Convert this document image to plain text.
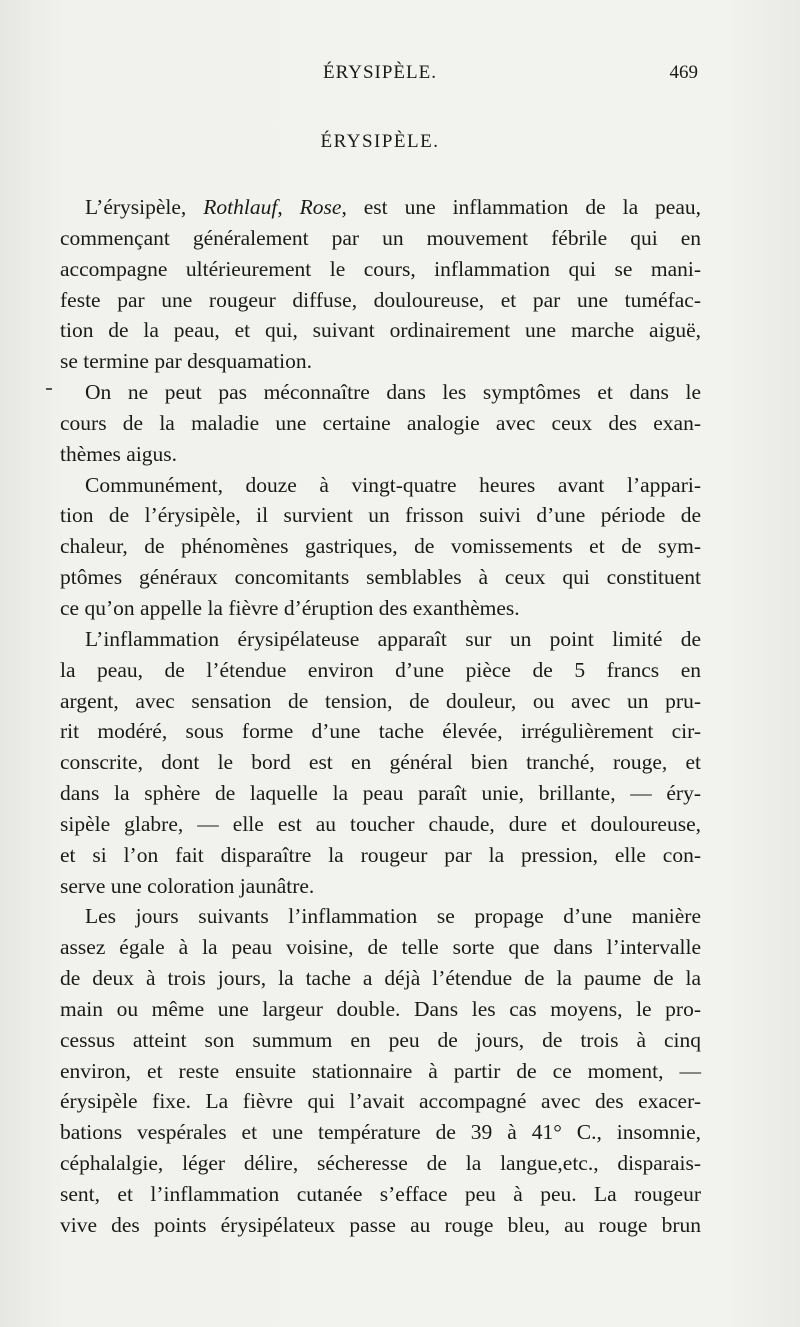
ÉRYSIPÈLE.	469
ÉRYSIPÈLE.
L’érysipèle, Rothlauf, Rose, est une inflammation de la peau,
commençant généralement par un mouvement fébrile qui en
accompagne ultérieurement le cours, inflammation qui se mani-
feste par une rougeur diffuse, douloureuse, et par une tuméfac-
tion de la peau, et qui, suivant ordinairement une marche aiguë,
se termine par desquamation.
On ne peut pas méconnaître dans les symptômes et dans le
cours de la maladie une certaine analogie avec ceux des exan-
thèmes aigus.
Communément, douze à vingt-quatre heures avant l’appari-
tion de l’érysipèle, il survient un frisson suivi d’une période de
chaleur, de phénomènes gastriques, de vomissements et de sym-
ptômes généraux concomitants semblables à ceux qui constituent
ce qu’on appelle la fièvre d’éruption des exanthèmes.
L’inflammation érysipélateuse apparaît sur un point limité de
la peau, de l’étendue environ d’une pièce de 5 francs en
argent, avec sensation de tension, de douleur, ou avec un pru-
rit modéré, sous forme d’une tache élevée, irrégulièrement cir-
conscrite, dont le bord est en général bien tranché, rouge, et
dans la sphère de laquelle la peau paraît unie, brillante, — éry-
sipèle glabre, — elle est au toucher chaude, dure et douloureuse,
et si l’on fait disparaître la rougeur par la pression, elle con-
serve une coloration jaunâtre.
Les jours suivants l’inflammation se propage d’une manière
assez égale à la peau voisine, de telle sorte que dans l’intervalle
de deux à trois jours, la tache a déjà l’étendue de la paume de la
main ou même une largeur double. Dans les cas moyens, le pro-
cessus atteint son summum en peu de jours, de trois à cinq
environ, et reste ensuite stationnaire à partir de ce moment, —
érysipèle fixe. La fièvre qui l’avait accompagné avec des exacer-
bations vespérales et une température de 39 à 41° C., insomnie,
céphalalgie, léger délire, sécheresse de la langue,etc., disparais-
sent, et l’inflammation cutanée s’efface peu à peu. La rougeur
vive des points érysipélateux passe au rouge bleu, au rouge brun
